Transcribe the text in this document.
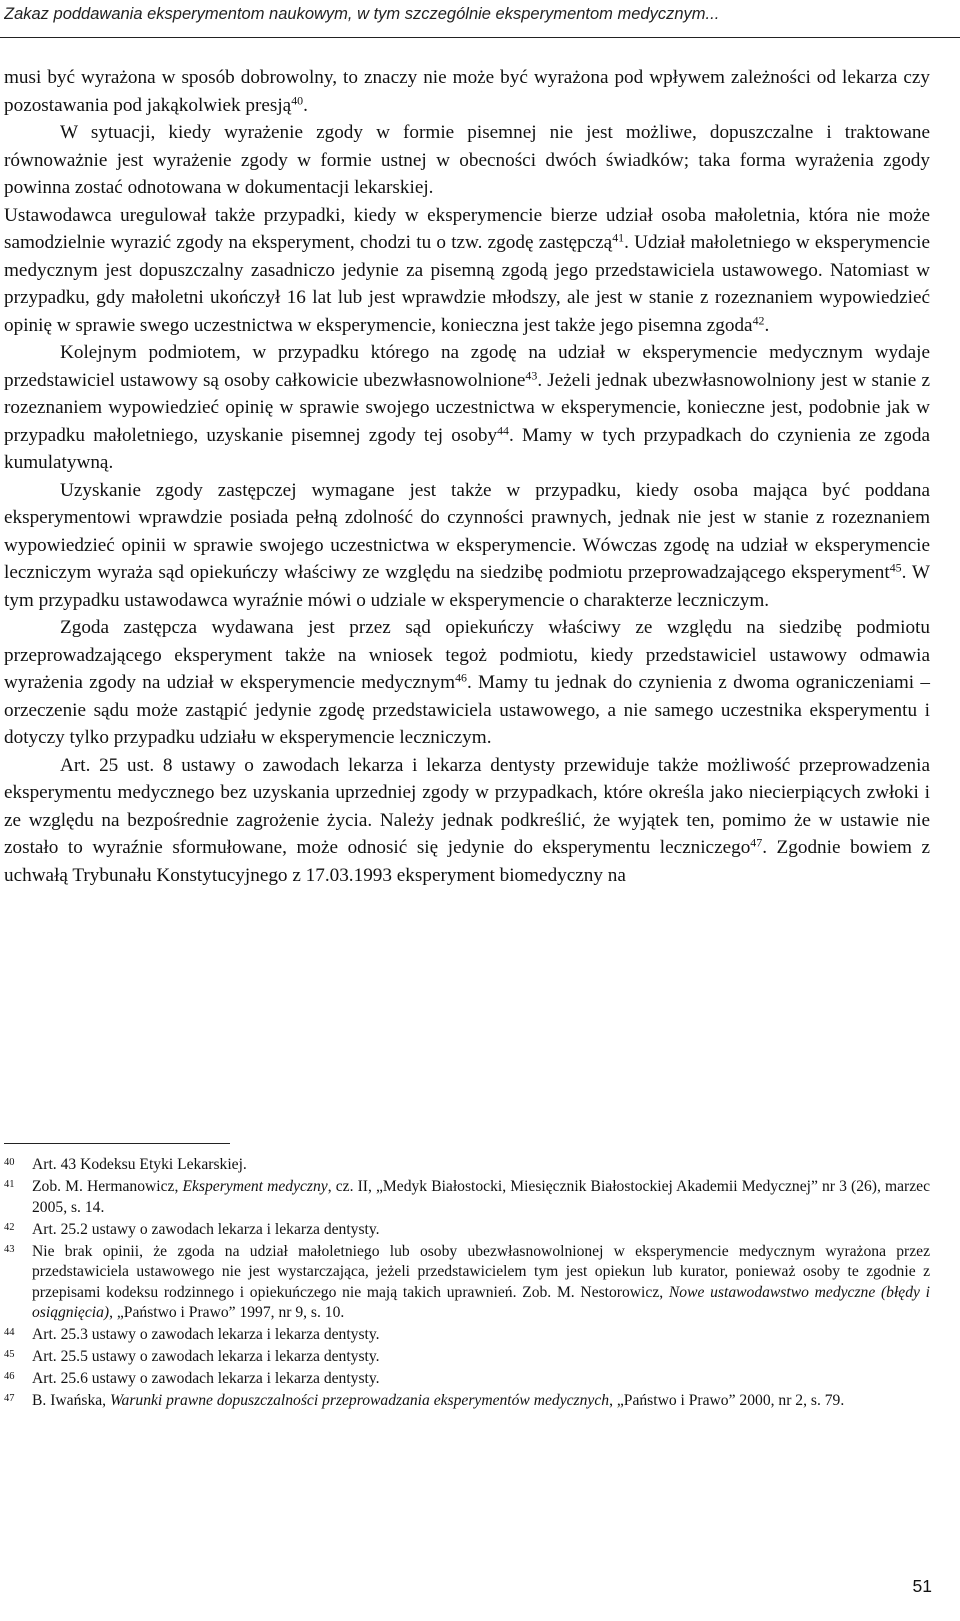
Zakaz poddawania eksperymentom naukowym, w tym szczególnie eksperymentom medycznym...

musi być wyrażona w sposób dobrowolny, to znaczy nie może być wyrażona pod wpływem zależności od lekarza czy pozostawania pod jakąkolwiek presją$^{40}$.

W sytuacji, kiedy wyrażenie zgody w formie pisemnej nie jest możliwe, dopuszczalne i traktowane równoważnie jest wyrażenie zgody w formie ustnej w obecności dwóch świadków; taka forma wyrażenia zgody powinna zostać odnotowana w dokumentacji lekarskiej.

Ustawodawca uregulował także przypadki, kiedy w eksperymencie bierze udział osoba małoletnia, która nie może samodzielnie wyrazić zgody na eksperyment, chodzi tu o tzw. zgodę zastępczą$^{41}$. Udział małoletniego w eksperymencie medycznym jest dopuszczalny zasadniczo jedynie za pisemną zgodą jego przedstawiciela ustawowego. Natomiast w przypadku, gdy małoletni ukończył 16 lat lub jest wprawdzie młodszy, ale jest w stanie z rozeznaniem wypowiedzieć opinię w sprawie swego uczestnictwa w eksperymencie, konieczna jest także jego pisemna zgoda$^{42}$.

Kolejnym podmiotem, w przypadku którego na zgodę na udział w eksperymencie medycznym wydaje przedstawiciel ustawowy są osoby całkowicie ubezwłasnowolnione$^{43}$. Jeżeli jednak ubezwłasnowolniony jest w stanie z rozeznaniem wypowiedzieć opinię w sprawie swojego uczestnictwa w eksperymencie, konieczne jest, podobnie jak w przypadku małoletniego, uzyskanie pisemnej zgody tej osoby$^{44}$. Mamy w tych przypadkach do czynienia ze zgoda kumulatywną.

Uzyskanie zgody zastępczej wymagane jest także w przypadku, kiedy osoba mająca być poddana eksperymentowi wprawdzie posiada pełną zdolność do czynności prawnych, jednak nie jest w stanie z rozeznaniem wypowiedzieć opinii w sprawie swojego uczestnictwa w eksperymencie. Wówczas zgodę na udział w eksperymencie leczniczym wyraża sąd opiekuńczy właściwy ze względu na siedzibę podmiotu przeprowadzającego eksperyment$^{45}$. W tym przypadku ustawodawca wyraźnie mówi o udziale w eksperymencie o charakterze leczniczym.

Zgoda zastępcza wydawana jest przez sąd opiekuńczy właściwy ze względu na siedzibę podmiotu przeprowadzającego eksperyment także na wniosek tegoż podmiotu, kiedy przedstawiciel ustawowy odmawia wyrażenia zgody na udział w eksperymencie medycznym$^{46}$. Mamy tu jednak do czynienia z dwoma ograniczeniami – orzeczenie sądu może zastąpić jedynie zgodę przedstawiciela ustawowego, a nie samego uczestnika eksperymentu i dotyczy tylko przypadku udziału w eksperymencie leczniczym.

Art. 25 ust. 8 ustawy o zawodach lekarza i lekarza dentysty przewiduje także możliwość przeprowadzenia eksperymentu medycznego bez uzyskania uprzedniej zgody w przypadkach, które określa jako niecierpiących zwłoki i ze względu na bezpośrednie zagrożenie życia. Należy jednak podkreślić, że wyjątek ten, pomimo że w ustawie nie zostało to wyraźnie sformułowane, może odnosić się jedynie do eksperymentu leczniczego$^{47}$. Zgodnie bowiem z uchwałą Trybunału Konstytucyjnego z 17.03.1993 eksperyment biomedyczny na

40 Art. 43 Kodeksu Etyki Lekarskiej.
41 Zob. M. Hermanowicz, Eksperyment medyczny, cz. II, „Medyk Białostocki, Miesięcznik Białostockiej Akademii Medycznej” nr 3 (26), marzec 2005, s. 14.
42 Art. 25.2 ustawy o zawodach lekarza i lekarza dentysty.
43 Nie brak opinii, że zgoda na udział małoletniego lub osoby ubezwłasnowolnionej w eksperymencie medycznym wyrażona przez przedstawiciela ustawowego nie jest wystarczająca, jeżeli przedstawicielem tym jest opiekun lub kurator, ponieważ osoby te zgodnie z przepisami kodeksu rodzinnego i opiekuńczego nie mają takich uprawnień. Zob. M. Nestorowicz, Nowe ustawodawstwo medyczne (błędy i osiągnięcia), „Państwo i Prawo” 1997, nr 9, s. 10.
44 Art. 25.3 ustawy o zawodach lekarza i lekarza dentysty.
45 Art. 25.5 ustawy o zawodach lekarza i lekarza dentysty.
46 Art. 25.6 ustawy o zawodach lekarza i lekarza dentysty.
47 B. Iwańska, Warunki prawne dopuszczalności przeprowadzania eksperymentów medycznych, „Państwo i Prawo” 2000, nr 2, s. 79.
51
